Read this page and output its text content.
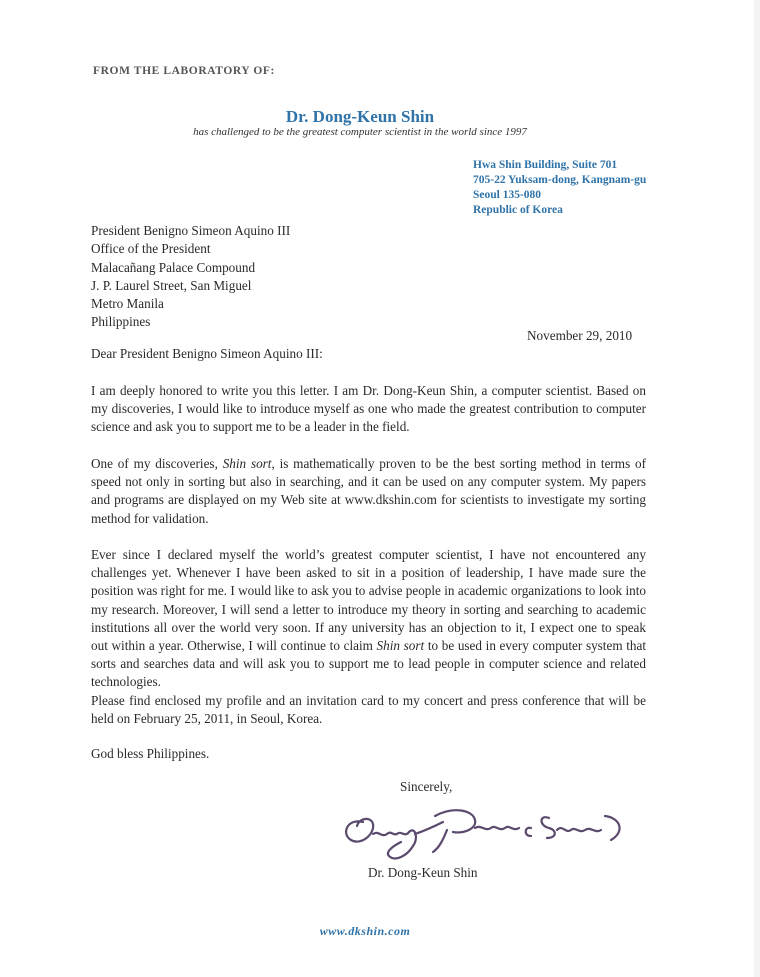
FROM THE LABORATORY OF:
Dr. Dong-Keun Shin
has challenged to be the greatest computer scientist in the world since 1997
Hwa Shin Building, Suite 701
705-22 Yuksam-dong, Kangnam-gu
Seoul 135-080
Republic of Korea
President Benigno Simeon Aquino III
Office of the President
Malacañang Palace Compound
J. P. Laurel Street, San Miguel
Metro Manila
Philippines
November 29, 2010
Dear President Benigno Simeon Aquino III:

I am deeply honored to write you this letter. I am Dr. Dong-Keun Shin, a computer scientist. Based on my discoveries, I would like to introduce myself as one who made the greatest contribution to computer science and ask you to support me to be a leader in the field.

One of my discoveries, Shin sort, is mathematically proven to be the best sorting method in terms of speed not only in sorting but also in searching, and it can be used on any computer system. My papers and programs are displayed on my Web site at www.dkshin.com for scientists to investigate my sorting method for validation.

Ever since I declared myself the world’s greatest computer scientist, I have not encountered any challenges yet. Whenever I have been asked to sit in a position of leadership, I have made sure the position was right for me. I would like to ask you to advise people in academic organizations to look into my research. Moreover, I will send a letter to introduce my theory in sorting and searching to academic institutions all over the world very soon. If any university has an objection to it, I expect one to speak out within a year. Otherwise, I will continue to claim Shin sort to be used in every computer system that sorts and searches data and will ask you to support me to lead people in computer science and related technologies.

Please find enclosed my profile and an invitation card to my concert and press conference that will be held on February 25, 2011, in Seoul, Korea.

God bless Philippines.
Sincerely,
Dr. Dong-Keun Shin
www.dkshin.com
